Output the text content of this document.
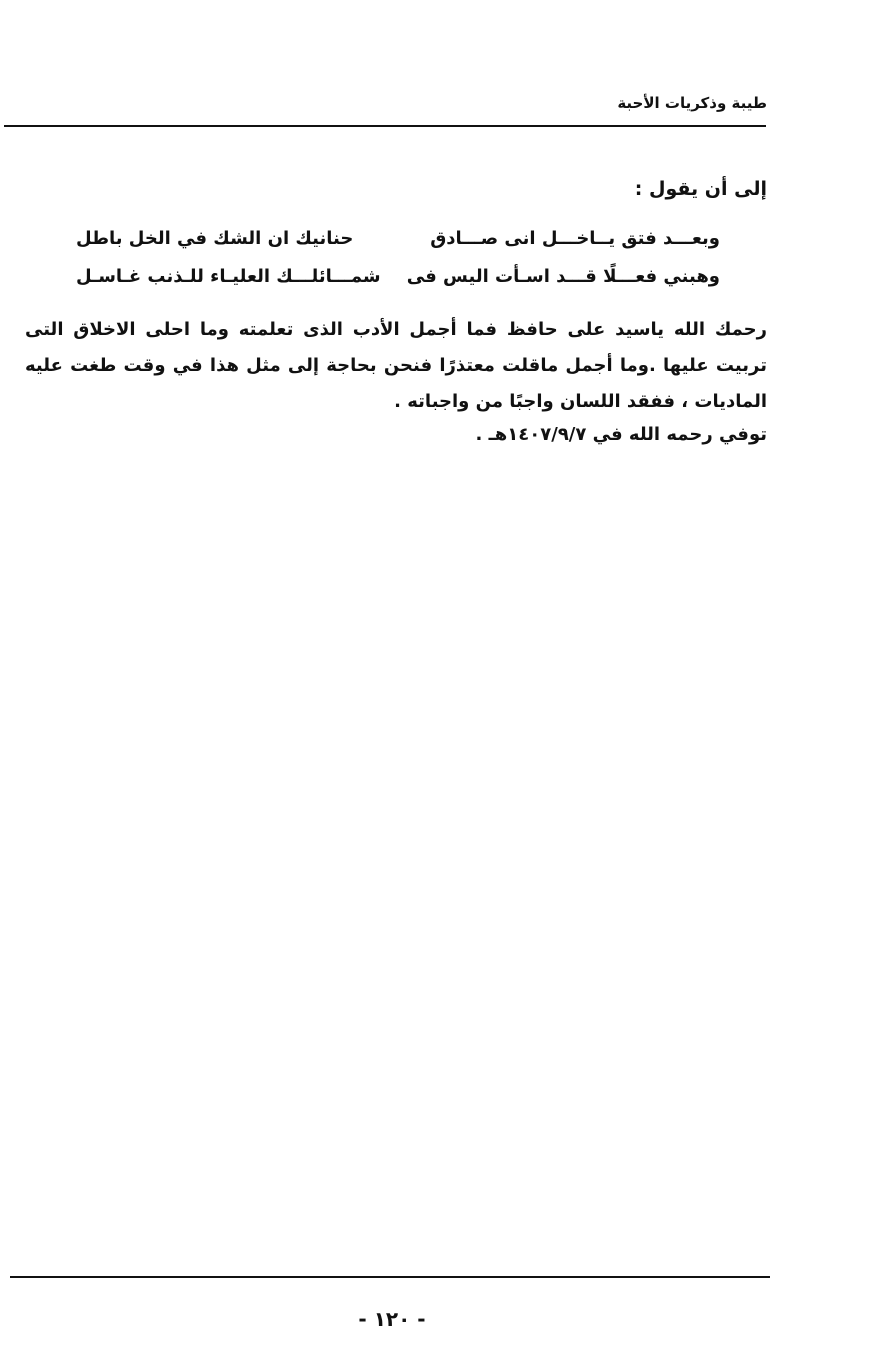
طيبة وذكريات الأحبة
إلى أن يقول :
وبعـــد فتق يــاخـــل انى صـــادق
حنانيك ان الشك في الخل باطل
وهبني فعـــلًا قـــد اسـأت اليس فى
شمـــائلـــك العليـاء للـذنب غـاسـل
رحمك الله ياسيد على حافظ فما أجمل الأدب الذى تعلمته وما احلى الاخلاق التى تربيت عليها .وما أجمل ماقلت معتذرًا فنحن بحاجة إلى مثل هذا في وقت طغت عليه الماديات ، ففقد اللسان واجبًا من واجباته .
توفي رحمه الله في ١٤٠٧/٩/٧هـ .
- ١٢٠ -
